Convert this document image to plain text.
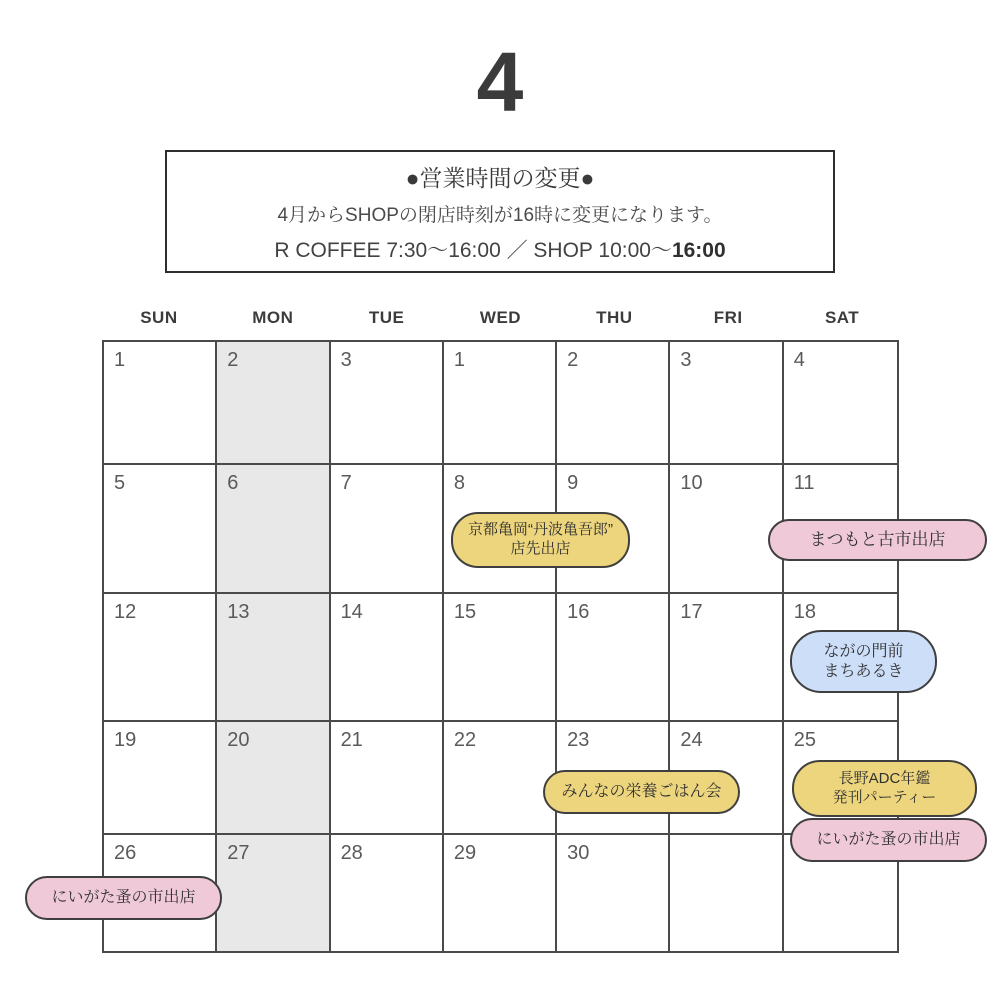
4
●営業時間の変更●
4月からSHOPの閉店時刻が16時に変更になります。
R COFFEE 7:30〜16:00 ／ SHOP 10:00〜16:00
SUN	MON	TUE	WED	THU	FRI	SAT
1	2	3	1	2	3	4
5	6	7	8	9	10	11
12	13	14	15	16	17	18
19	20	21	22	23	24	25
26	27	28	29	30
京都亀岡“丹波亀吾郎”
店先出店	まつもと古市出店
ながの門前
まちあるき
みんなの栄養ごはん会
長野ADC年鑑
発刊パーティー
にいがた蚤の市出店
にいがた蚤の市出店
